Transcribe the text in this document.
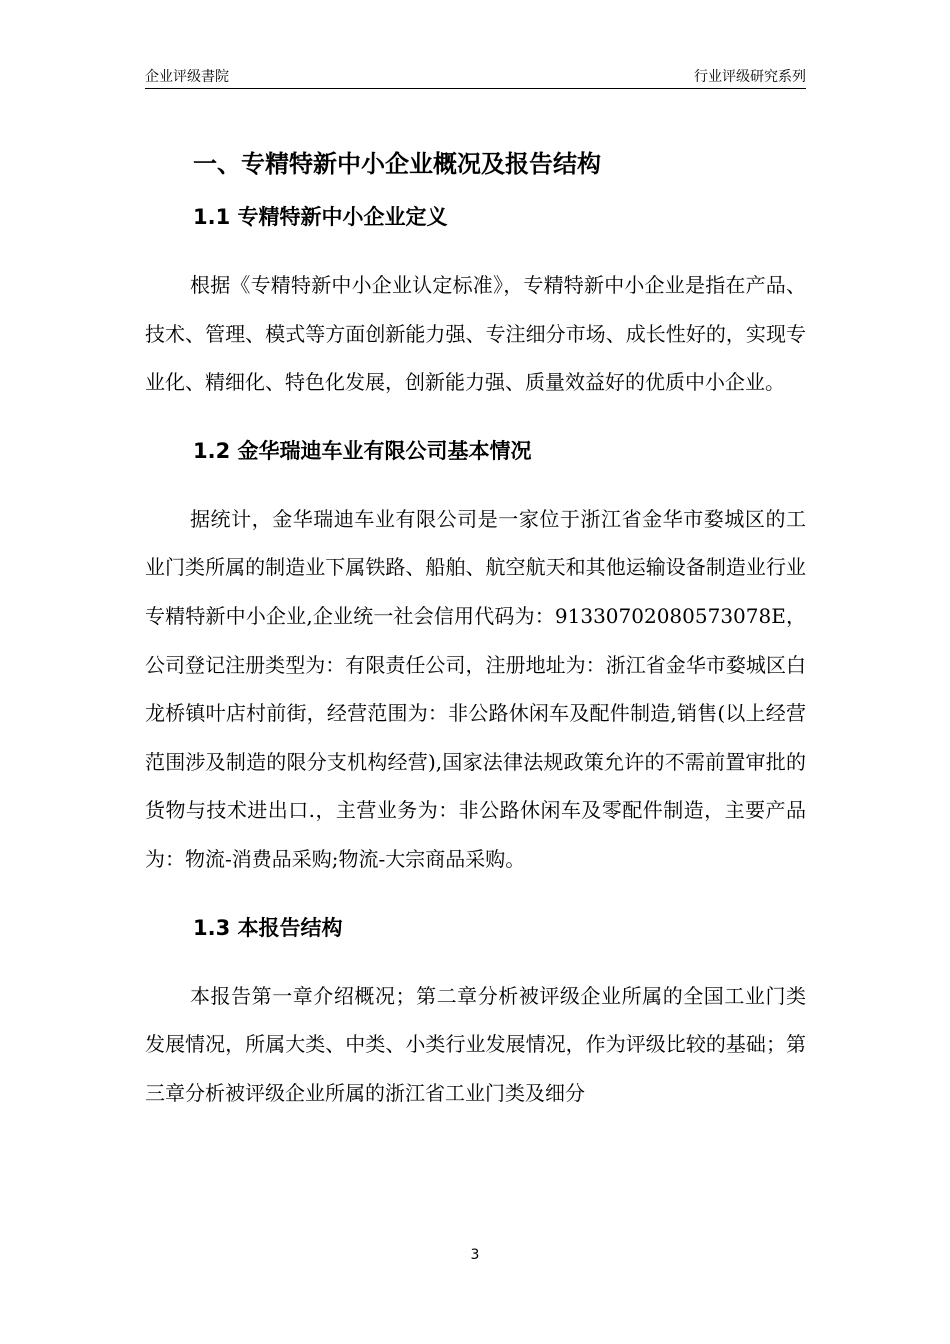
企业评级書院	行业评级研究系列
一、专精特新中小企业概况及报告结构
1.1 专精特新中小企业定义

根据《专精特新中小企业认定标准》，专精特新中小企业是指在产品、技术、管理、模式等方面创新能力强、专注细分市场、成长性好的，实现专业化、精细化、特色化发展，创新能力强、质量效益好的优质中小企业。

1.2 金华瑞迪车业有限公司基本情况

据统计，金华瑞迪车业有限公司是一家位于浙江省金华市婺城区的工业门类所属的制造业下属铁路、船舶、航空航天和其他运输设备制造业行业专精特新中小企业,企业统一社会信用代码为：91330702080573078E，公司登记注册类型为：有限责任公司，注册地址为：浙江省金华市婺城区白龙桥镇叶店村前街，经营范围为：非公路休闲车及配件制造,销售(以上经营范围涉及制造的限分支机构经营),国家法律法规政策允许的不需前置审批的货物与技术进出口.，主营业务为：非公路休闲车及零配件制造，主要产品为：物流-消费品采购;物流-大宗商品采购。

1.3 本报告结构

本报告第一章介绍概况；第二章分析被评级企业所属的全国工业门类发展情况，所属大类、中类、小类行业发展情况，作为评级比较的基础；第三章分析被评级企业所属的浙江省工业门类及细分

3
